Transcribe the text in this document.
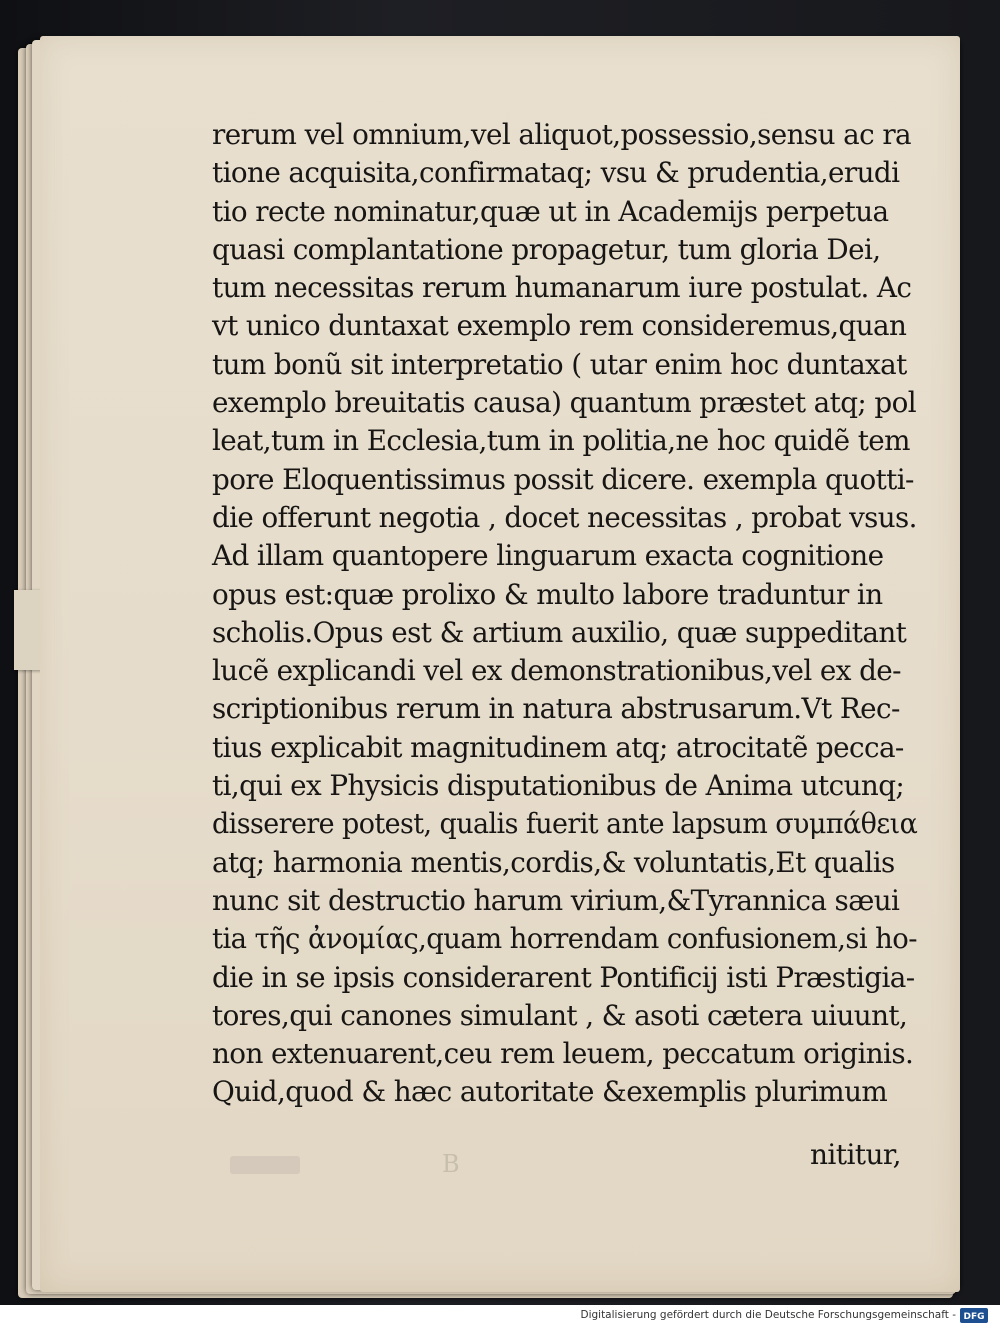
rerum vel omnium,vel aliquot,possessio,sensu ac ra
tione acquisita,confirmataq; vsu & prudentia,erudi
tio recte nominatur,quæ ut in Academijs perpetua
quasi complantatione propagetur, tum gloria Dei,
tum necessitas rerum humanarum iure postulat. Ac
vt unico duntaxat exemplo rem consideremus,quan
tum bonũ sit interpretatio ( utar enim hoc duntaxat
exemplo breuitatis causa) quantum præstet atq; pol
leat,tum in Ecclesia,tum in politia,ne hoc quidẽ tem
pore Eloquentissimus possit dicere. exempla quotti-
die offerunt negotia , docet necessitas , probat vsus.
Ad illam quantopere linguarum exacta cognitione
opus est:quæ prolixo & multo labore traduntur in
scholis.Opus est & artium auxilio, quæ suppeditant
lucẽ explicandi vel ex demonstrationibus,vel ex de-
scriptionibus rerum in natura abstrusarum.Vt Rec-
tius explicabit magnitudinem atq; atrocitatẽ pecca-
ti,qui ex Physicis disputationibus de Anima utcunq;
disserere potest, qualis fuerit ante lapsum συμπάθεια
atq; harmonia mentis,cordis,& voluntatis,Et qualis
nunc sit destructio harum virium,&Tyrannica sæui
tia τῆς ἀνομίας,quam horrendam confusionem,si ho-
die in se ipsis considerarent Pontificij isti Præstigia-
tores,qui canones simulant , & asoti cætera uiuunt,
non extenuarent,ceu rem leuem, peccatum originis.
Quid,quod & hæc autoritate &exemplis plurimum
B	nititur,
Digitalisierung gefördert durch die Deutsche Forschungsgemeinschaft - DFG
